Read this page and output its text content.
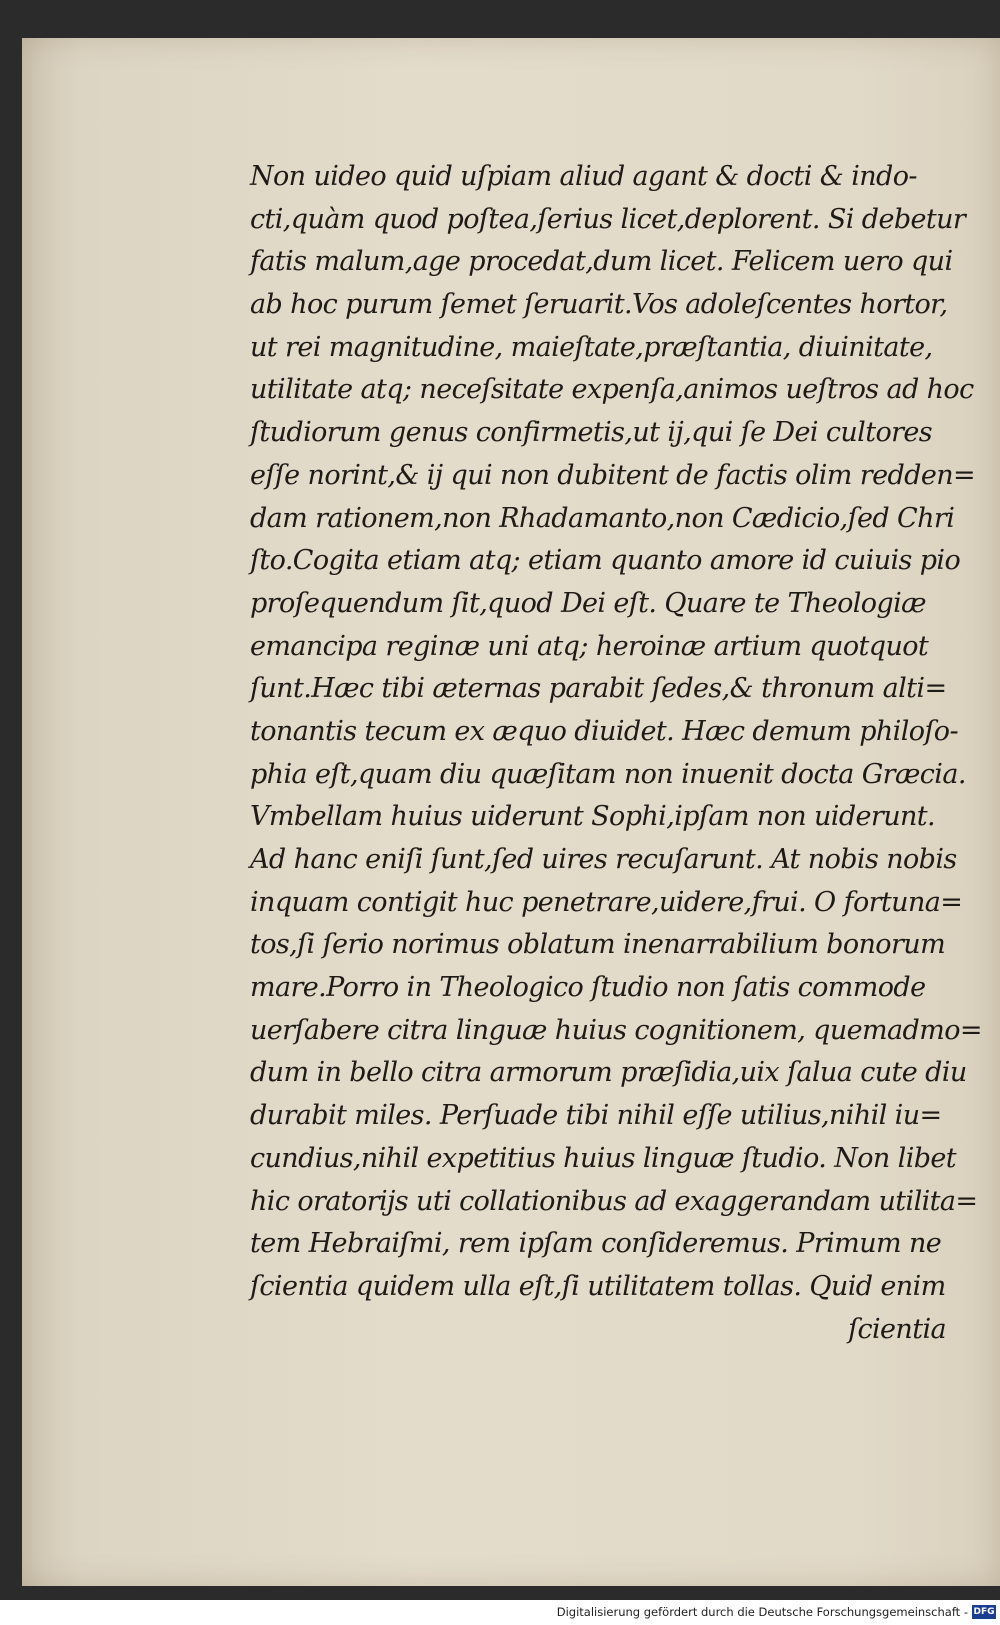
Non uideo quid uſpiam aliud agant & docti & indo-
cti,quàm quod poſtea,ſerius licet,deplorent. Si debetur
fatis malum,age procedat,dum licet. Felicem uero qui
ab hoc purum ſemet ſeruarit.Vos adoleſcentes hortor,
ut rei magnitudine, maieſtate,præſtantia, diuinitate,
utilitate atq; neceſsitate expenſa,animos ueſtros ad hoc
ſtudiorum genus confirmetis,ut ij,qui ſe Dei cultores
eſſe norint,& ij qui non dubitent de factis olim redden=
dam rationem,non Rhadamanto,non Cædicio,ſed Chri
ſto.Cogita etiam atq; etiam quanto amore id cuiuis pio
proſequendum ſit,quod Dei eſt. Quare te Theologiæ
emancipa reginæ uni atq; heroinæ artium quotquot
ſunt.Hæc tibi æternas parabit ſedes,& thronum alti=
tonantis tecum ex æquo diuidet. Hæc demum philoſo-
phia eſt,quam diu quæſitam non inuenit docta Græcia.
Vmbellam huius uiderunt Sophi,ipſam non uiderunt.
Ad hanc eniſi ſunt,ſed uires recuſarunt. At nobis nobis
inquam contigit huc penetrare,uidere,frui. O fortuna=
tos,ſi ſerio norimus oblatum inenarrabilium bonorum
mare.Porro in Theologico ſtudio non ſatis commode
uerſabere citra linguæ huius cognitionem, quemadmo=
dum in bello citra armorum præſidia,uix ſalua cute diu
durabit miles. Perſuade tibi nihil eſſe utilius,nihil iu=
cundius,nihil expetitius huius linguæ ſtudio. Non libet
hic oratorijs uti collationibus ad exaggerandam utilita=
tem Hebraiſmi, rem ipſam conſideremus. Primum ne
ſcientia quidem ulla eſt,ſi utilitatem tollas. Quid enim
ſcientia
Digitalisierung gefördert durch die Deutsche Forschungsgemeinschaft - DFG
